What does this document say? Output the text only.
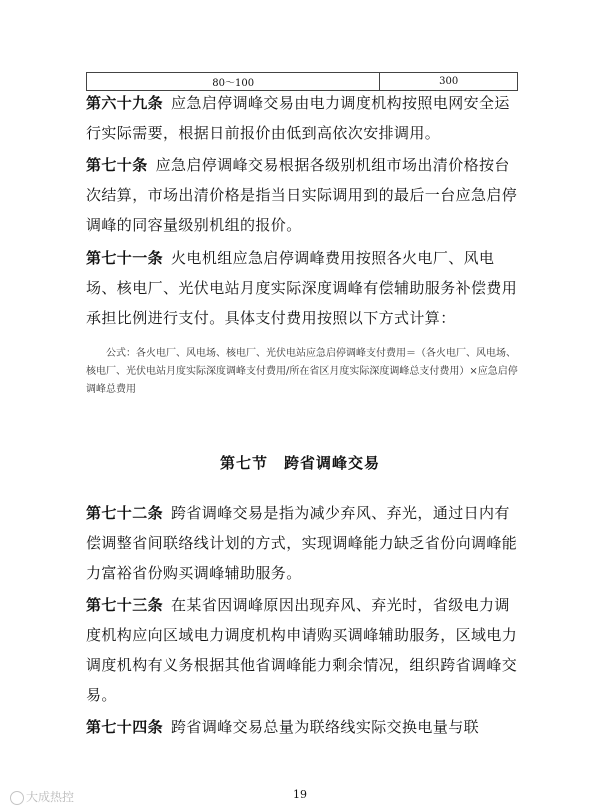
80～100	300

第六十九条 应急启停调峰交易由电力调度机构按照电网安全运行实际需要，根据日前报价由低到高依次安排调用。

第七十条 应急启停调峰交易根据各级别机组市场出清价格按台次结算，市场出清价格是指当日实际调用到的最后一台应急启停调峰的同容量级别机组的报价。

第七十一条 火电机组应急启停调峰费用按照各火电厂、风电场、核电厂、光伏电站月度实际深度调峰有偿辅助服务补偿费用承担比例进行支付。具体支付费用按照以下方式计算：

公式：各火电厂、风电场、核电厂、光伏电站应急启停调峰支付费用＝（各火电厂、风电场、核电厂、光伏电站月度实际深度调峰支付费用/所在省区月度实际深度调峰总支付费用）×应急启停调峰总费用

第七节 跨省调峰交易

第七十二条 跨省调峰交易是指为减少弃风、弃光，通过日内有偿调整省间联络线计划的方式，实现调峰能力缺乏省份向调峰能力富裕省份购买调峰辅助服务。

第七十三条 在某省因调峰原因出现弃风、弃光时，省级电力调度机构应向区域电力调度机构申请购买调峰辅助服务，区域电力调度机构有义务根据其他省调峰能力剩余情况，组织跨省调峰交易。

第七十四条 跨省调峰交易总量为联络线实际交换电量与联

19

大成热控
